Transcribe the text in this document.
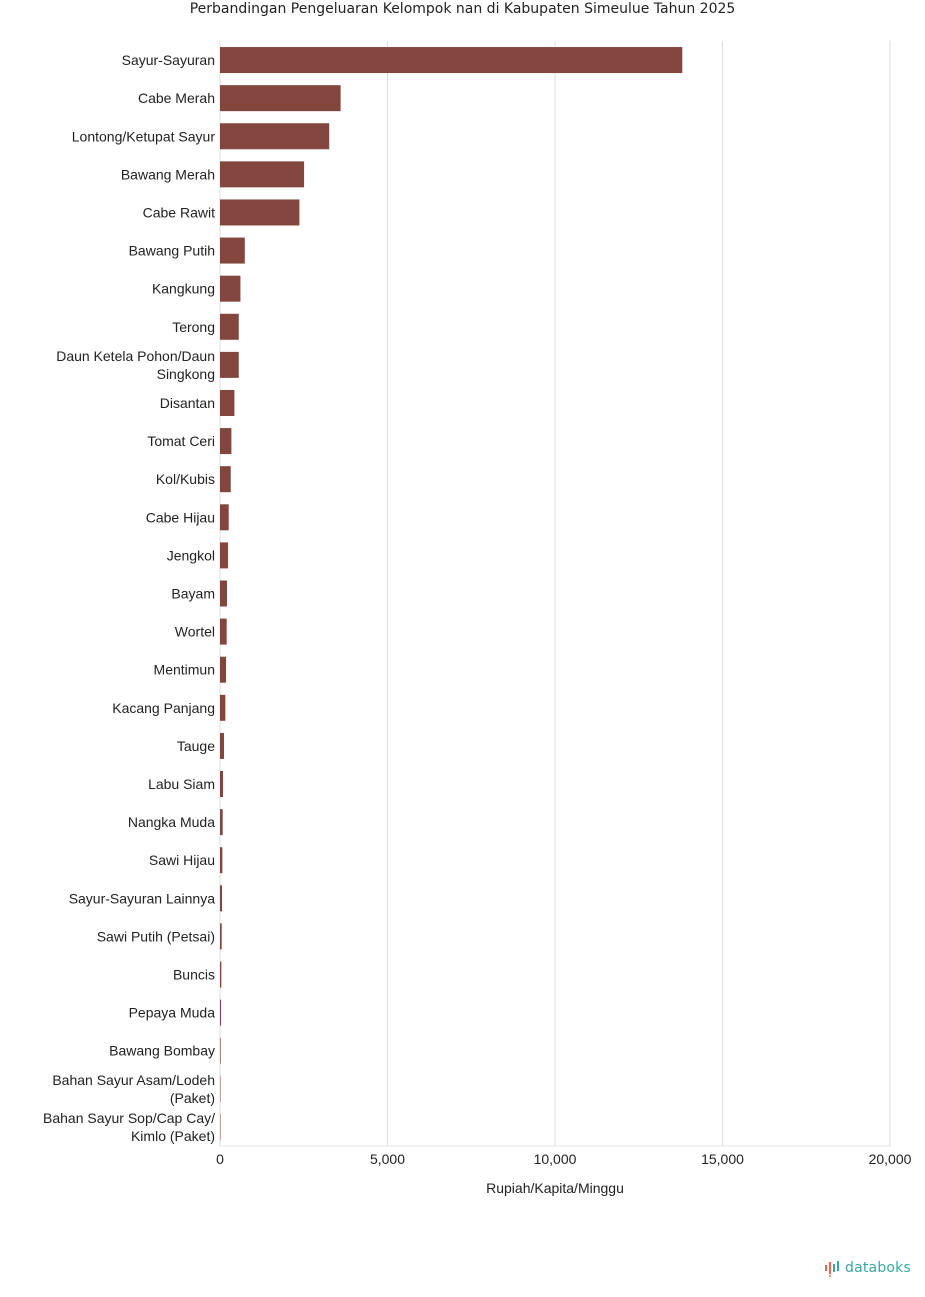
Perbandingan Pengeluaran Kelompok nan di Kabupaten Simeulue Tahun 2025
Sayur-Sayuran
Cabe Merah
Lontong/Ketupat Sayur
Bawang Merah
Cabe Rawit
Bawang Putih
Kangkung
Terong
Daun Ketela Pohon/Daun Singkong
Disantan
Tomat Ceri
Kol/Kubis
Cabe Hijau
Jengkol
Bayam
Wortel
Mentimun
Kacang Panjang
Tauge
Labu Siam
Nangka Muda
Sawi Hijau
Sayur-Sayuran Lainnya
Sawi Putih (Petsai)
Buncis
Pepaya Muda
Bawang Bombay
Bahan Sayur Asam/Lodeh (Paket)
Bahan Sayur Sop/Cap Cay/ Kimlo (Paket)
0	5,000	10,000	15,000	20,000
Rupiah/Kapita/Minggu
databoks
